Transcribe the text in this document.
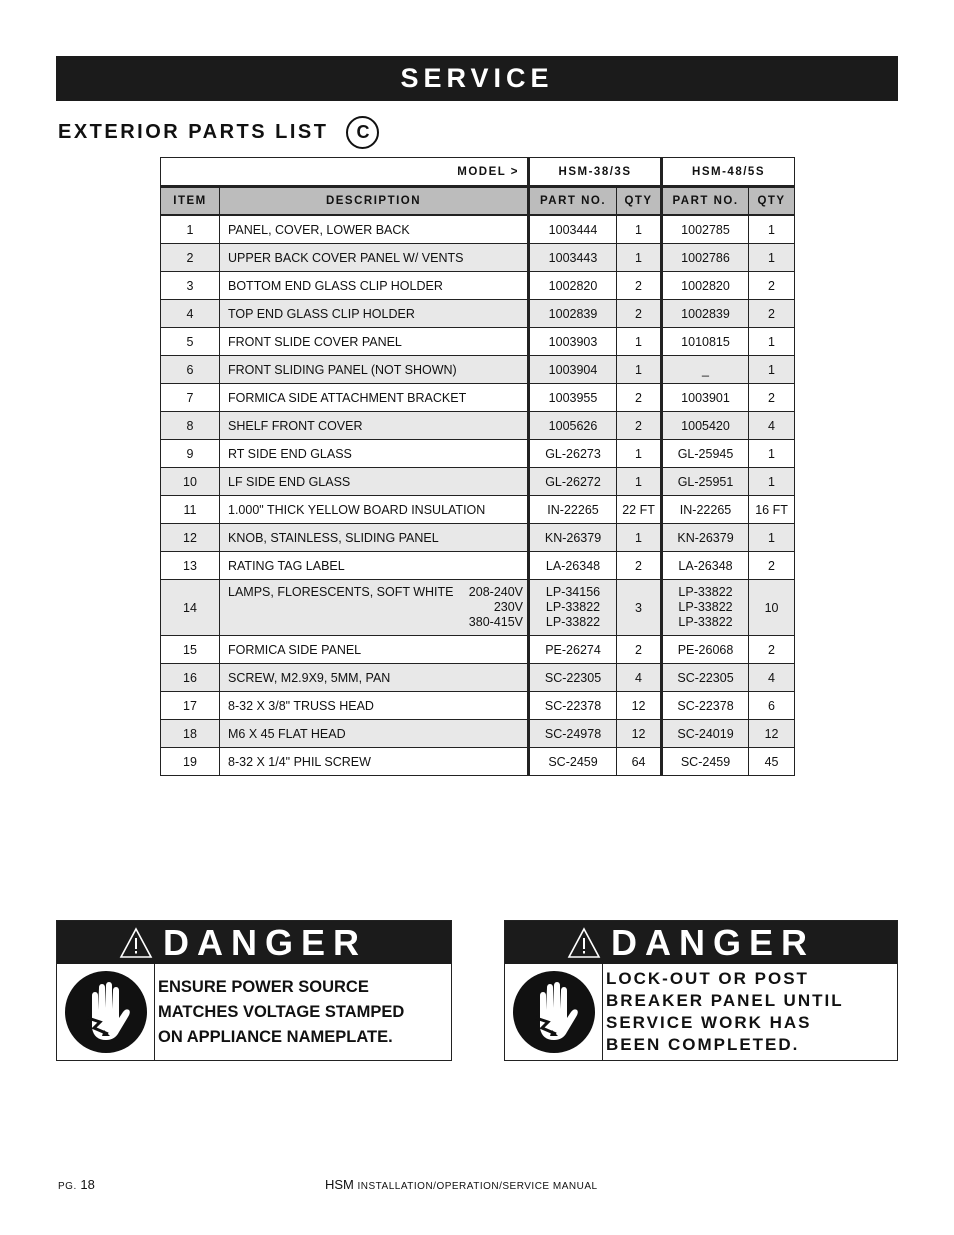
SERVICE
EXTERIOR PARTS LIST	C
MODEL >		HSM-38/3S		HSM-48/5S	
ITEM	DESCRIPTION	PART NO.	QTY	PART NO.	QTY
1	PANEL, COVER, LOWER BACK	1003444	1	1002785	1
2	UPPER BACK COVER PANEL W/ VENTS	1003443	1	1002786	1
3	BOTTOM END GLASS CLIP HOLDER	1002820	2	1002820	2
4	TOP END GLASS CLIP HOLDER	1002839	2	1002839	2
5	FRONT SLIDE COVER PANEL	1003903	1	1010815	1
6	FRONT SLIDING PANEL (NOT SHOWN)	1003904	1	_	1
7	FORMICA SIDE ATTACHMENT BRACKET	1003955	2	1003901	2
8	SHELF FRONT COVER	1005626	2	1005420	4
9	RT SIDE END GLASS	GL-26273	1	GL-25945	1
10	LF SIDE END GLASS	GL-26272	1	GL-25951	1
11	1.000" THICK YELLOW BOARD INSULATION	IN-22265	22 FT	IN-22265	16 FT
12	KNOB, STAINLESS, SLIDING PANEL	KN-26379	1	KN-26379	1
13	RATING TAG LABEL	LA-26348	2	LA-26348	2
14	LAMPS, FLORESCENTS, SOFT WHITE 208-240V
230V
380-415V	LP-34156
LP-33822
LP-33822	3	LP-33822
LP-33822
LP-33822	10
15	FORMICA SIDE PANEL	PE-26274	2	PE-26068	2
16	SCREW, M2.9X9, 5MM, PAN	SC-22305	4	SC-22305	4
17	8-32 X 3/8" TRUSS HEAD	SC-22378	12	SC-22378	6
18	M6 X 45 FLAT HEAD	SC-24978	12	SC-24019	12
19	8-32 X 1/4" PHIL SCREW	SC-2459	64	SC-2459	45
DANGER
ENSURE POWER SOURCE
MATCHES VOLTAGE STAMPED
ON APPLIANCE NAMEPLATE.
DANGER
LOCK-OUT OR POST
BREAKER PANEL UNTIL
SERVICE WORK HAS
BEEN COMPLETED.
PG. 18	HSM INSTALLATION/OPERATION/SERVICE MANUAL
